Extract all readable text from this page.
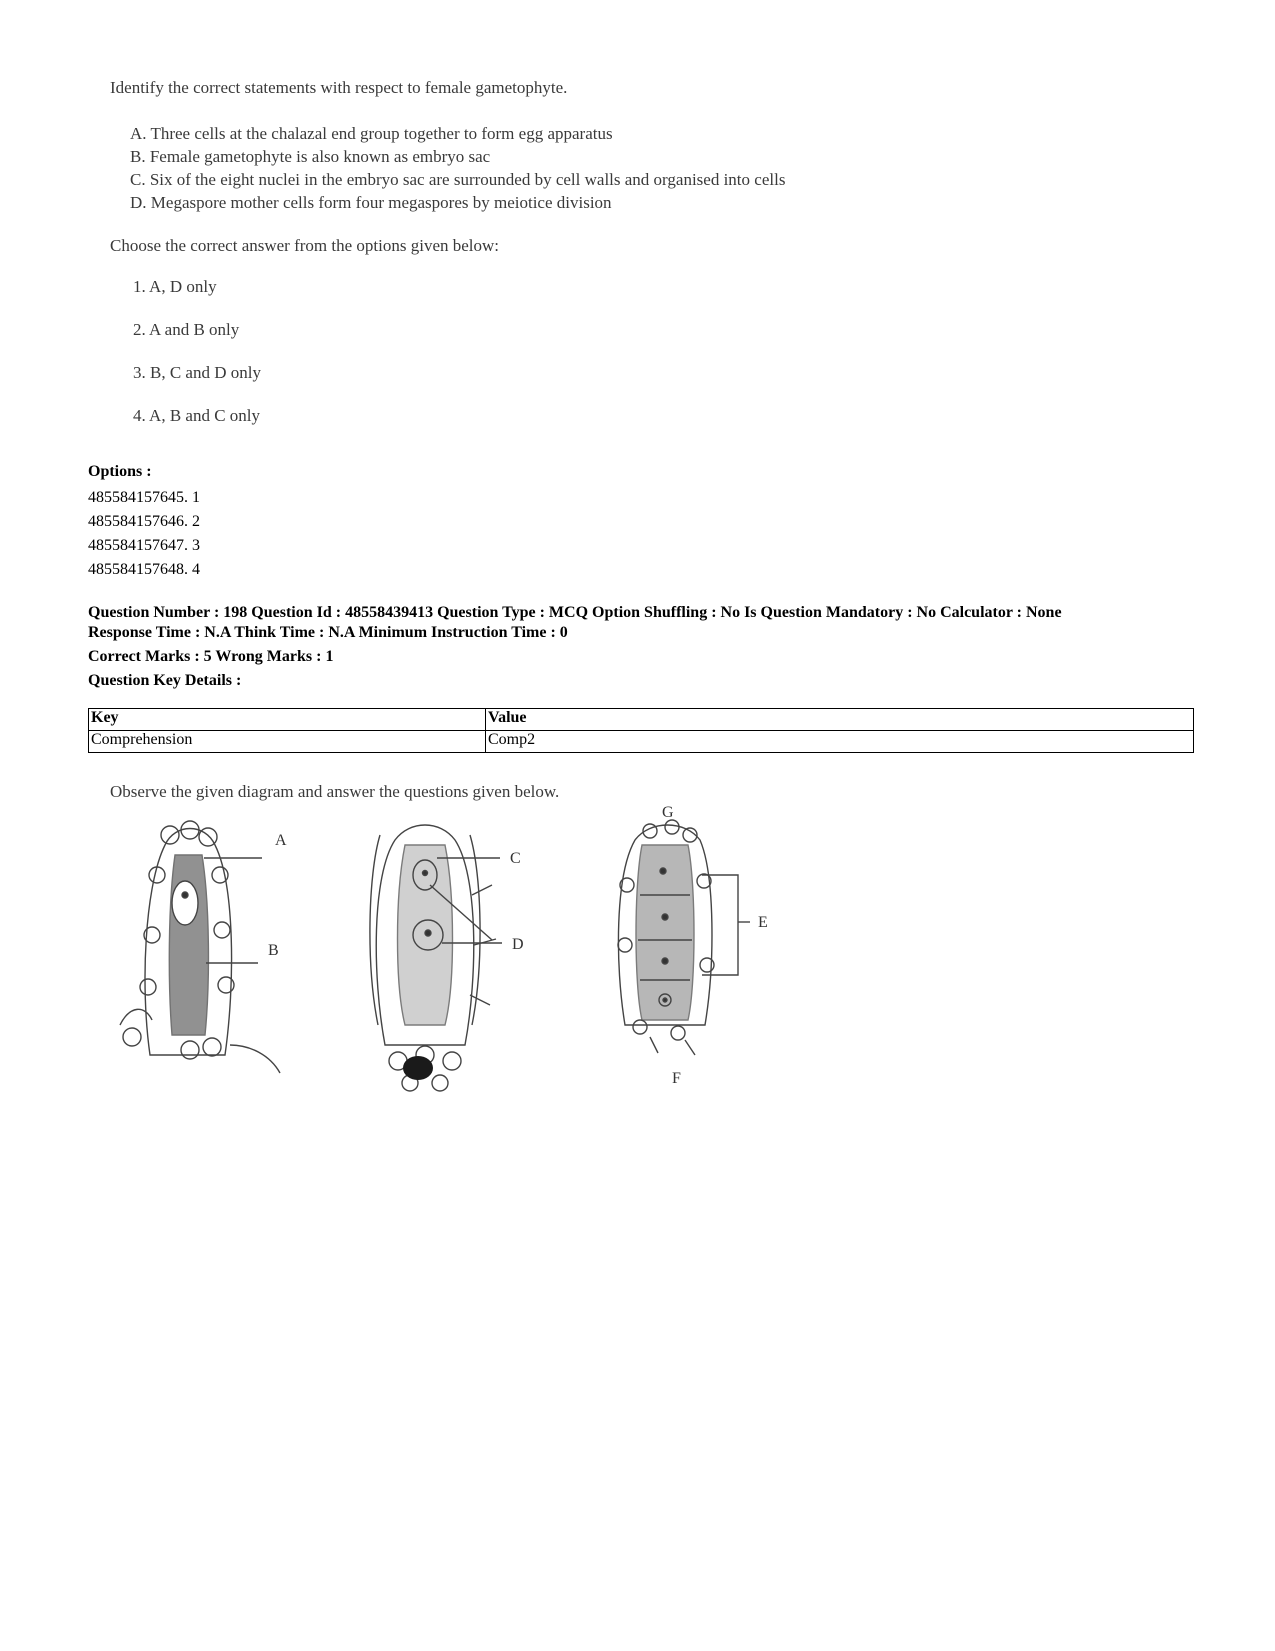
Identify the correct statements with respect to female gametophyte.
A. Three cells at the chalazal end group together to form egg apparatus
B. Female gametophyte is also known as embryo sac
C. Six of the eight nuclei in the embryo sac are surrounded by cell walls and organised into cells
D. Megaspore mother cells form four megaspores by meiotice division
Choose the correct answer from the options given below:
1. A, D only
2. A and B only
3. B, C and D only
4. A, B and C only
Options :
485584157645. 1
485584157646. 2
485584157647. 3
485584157648. 4
Question Number : 198 Question Id : 48558439413 Question Type : MCQ Option Shuffling : No Is Question Mandatory : No Calculator : None
Response Time : N.A Think Time : N.A Minimum Instruction Time : 0
Correct Marks : 5 Wrong Marks : 1
Question Key Details :
Key	Value
Comprehension	Comp2
Observe the given diagram and answer the questions given below.
A
B
C
D
E
F
G
